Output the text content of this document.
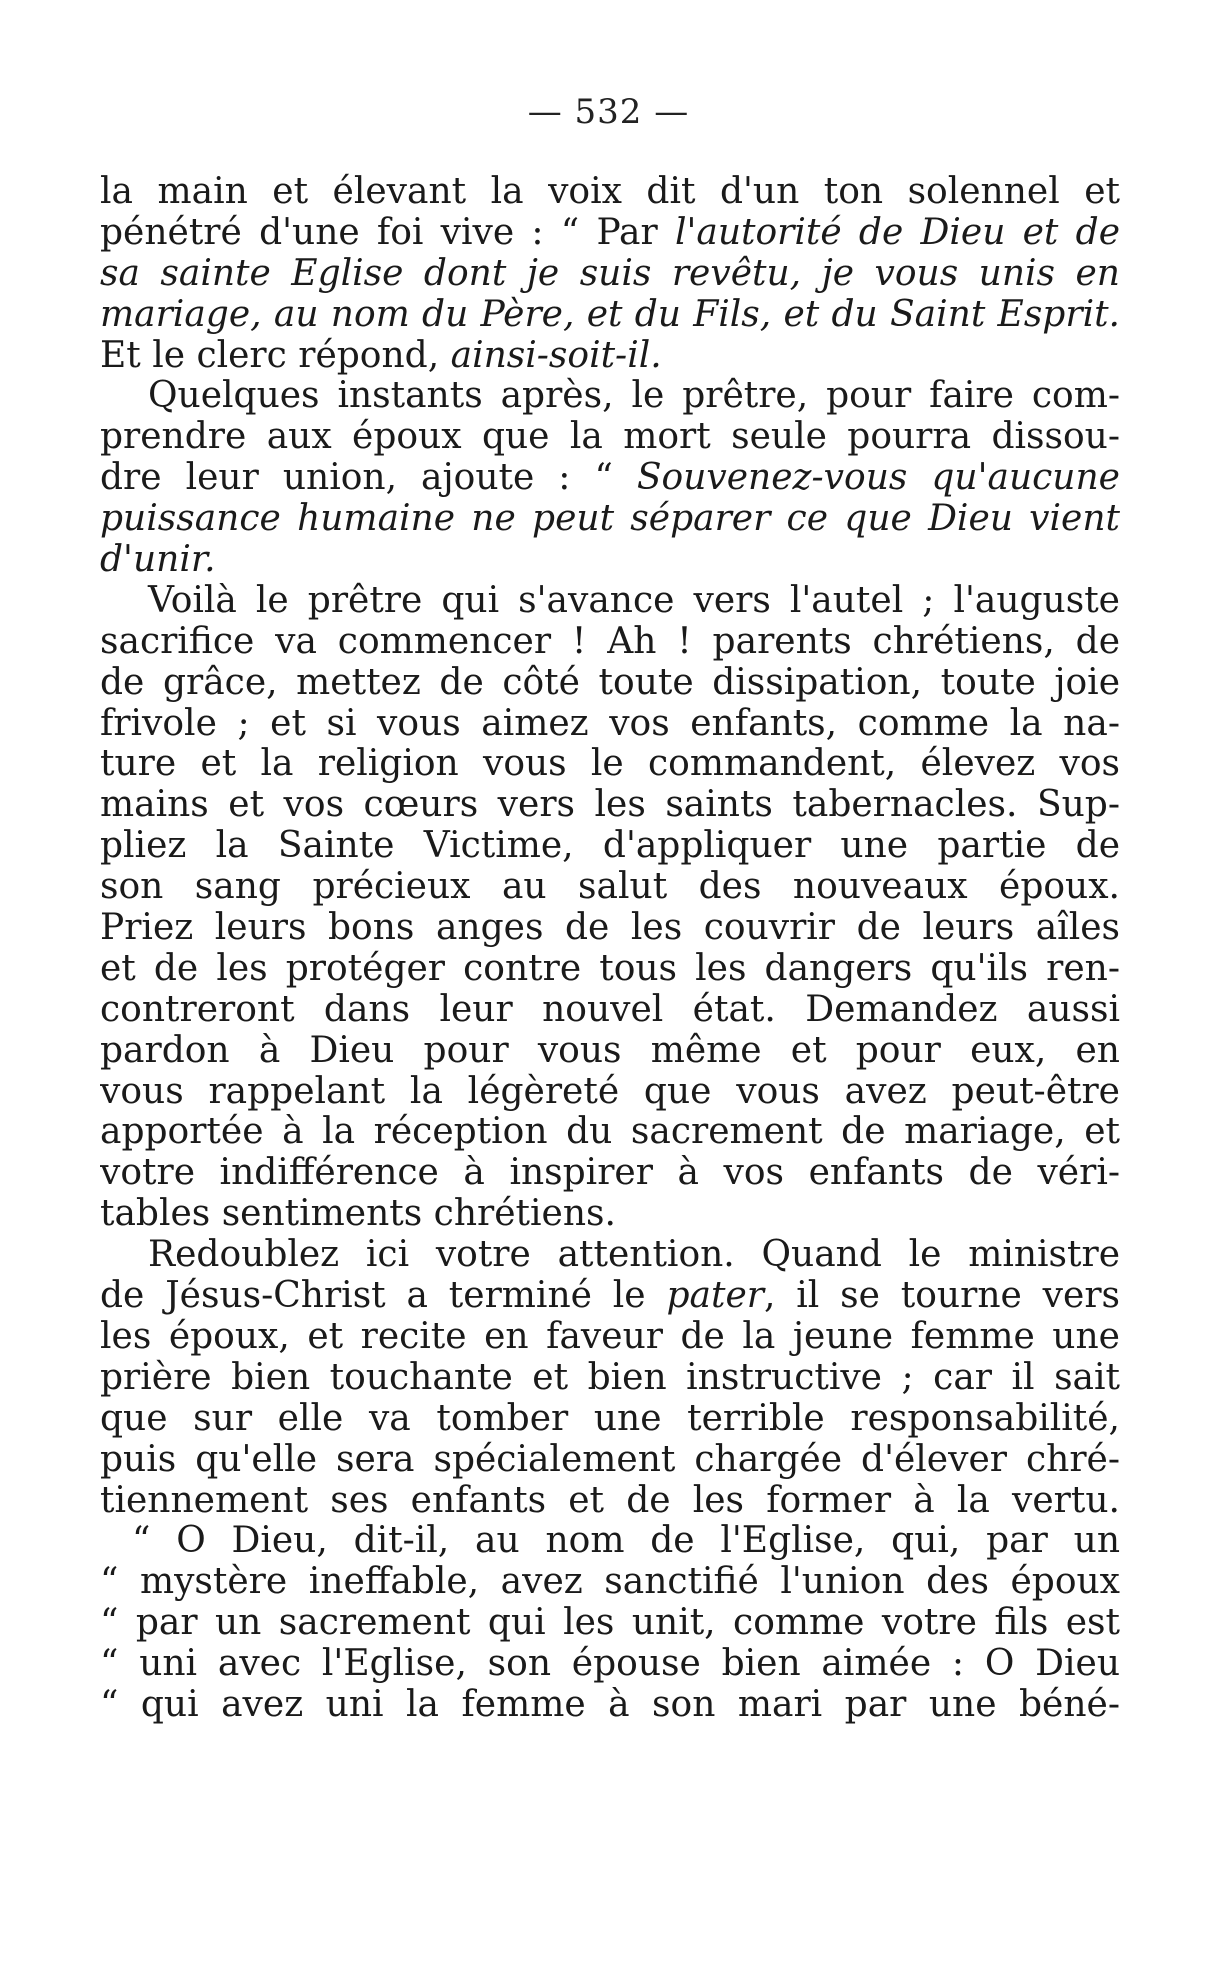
— 532 —
la main et élevant la voix dit d'un ton solennel et
pénétré d'une foi vive : “ Par l'autorité de Dieu et de
sa sainte Eglise dont je suis revêtu, je vous unis en
mariage, au nom du Père, et du Fils, et du Saint Esprit.
Et le clerc répond, ainsi-soit-il.
Quelques instants après, le prêtre, pour faire com-
prendre aux époux que la mort seule pourra dissou-
dre leur union, ajoute : “ Souvenez-vous qu'aucune
puissance humaine ne peut séparer ce que Dieu vient
d'unir.
Voilà le prêtre qui s'avance vers l'autel ; l'auguste
sacrifice va commencer ! Ah ! parents chrétiens, de
de grâce, mettez de côté toute dissipation, toute joie
frivole ; et si vous aimez vos enfants, comme la na-
ture et la religion vous le commandent, élevez vos
mains et vos cœurs vers les saints tabernacles. Sup-
pliez la Sainte Victime, d'appliquer une partie de
son sang précieux au salut des nouveaux époux.
Priez leurs bons anges de les couvrir de leurs aîles
et de les protéger contre tous les dangers qu'ils ren-
contreront dans leur nouvel état. Demandez aussi
pardon à Dieu pour vous même et pour eux, en
vous rappelant la légèreté que vous avez peut-être
apportée à la réception du sacrement de mariage, et
votre indifférence à inspirer à vos enfants de véri-
tables sentiments chrétiens.
Redoublez ici votre attention. Quand le ministre
de Jésus-Christ a terminé le pater, il se tourne vers
les époux, et recite en faveur de la jeune femme une
prière bien touchante et bien instructive ; car il sait
que sur elle va tomber une terrible responsabilité,
puis qu'elle sera spécialement chargée d'élever chré-
tiennement ses enfants et de les former à la vertu.
“ O Dieu, dit-il, au nom de l'Eglise, qui, par un
“ mystère ineffable, avez sanctifié l'union des époux
“ par un sacrement qui les unit, comme votre fils est
“ uni avec l'Eglise, son épouse bien aimée : O Dieu
“ qui avez uni la femme à son mari par une béné-
